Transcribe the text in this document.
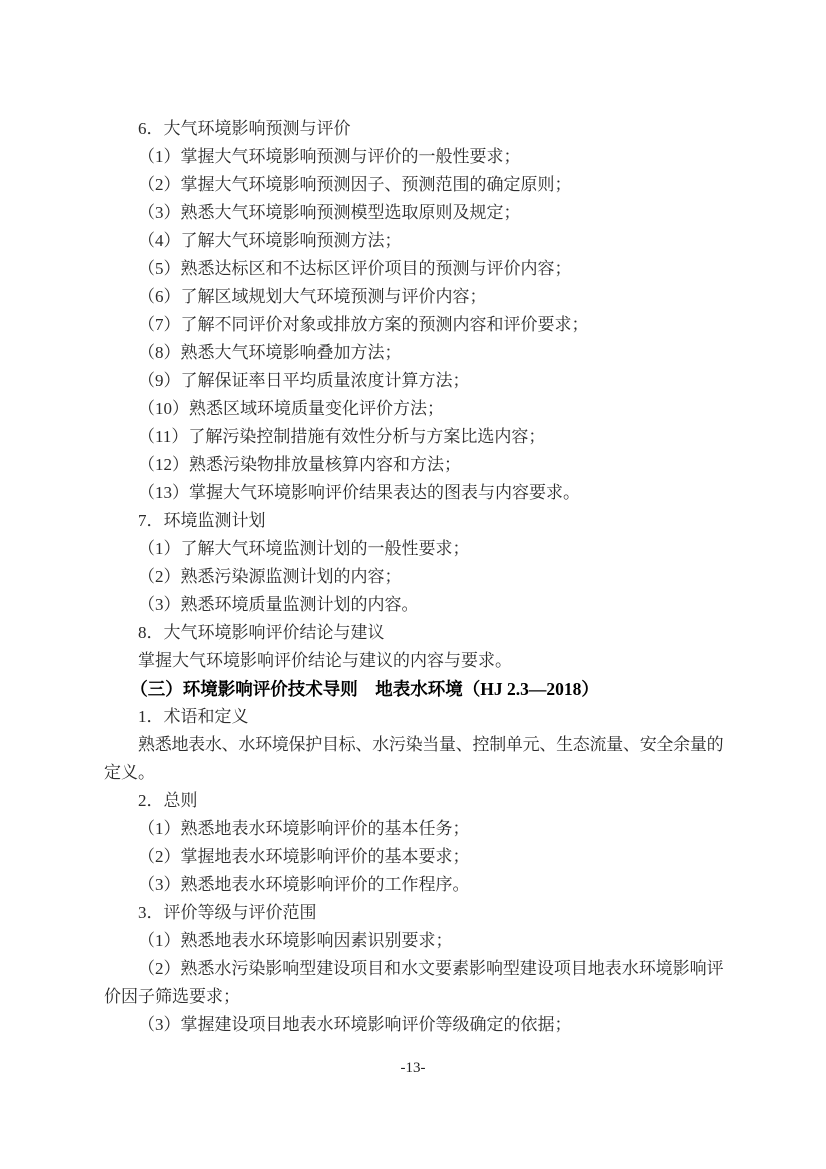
6．大气环境影响预测与评价
（1）掌握大气环境影响预测与评价的一般性要求；
（2）掌握大气环境影响预测因子、预测范围的确定原则；
（3）熟悉大气环境影响预测模型选取原则及规定；
（4）了解大气环境影响预测方法；
（5）熟悉达标区和不达标区评价项目的预测与评价内容；
（6）了解区域规划大气环境预测与评价内容；
（7）了解不同评价对象或排放方案的预测内容和评价要求；
（8）熟悉大气环境影响叠加方法；
（9）了解保证率日平均质量浓度计算方法；
（10）熟悉区域环境质量变化评价方法；
（11）了解污染控制措施有效性分析与方案比选内容；
（12）熟悉污染物排放量核算内容和方法；
（13）掌握大气环境影响评价结果表达的图表与内容要求。
7．环境监测计划
（1）了解大气环境监测计划的一般性要求；
（2）熟悉污染源监测计划的内容；
（3）熟悉环境质量监测计划的内容。
8．大气环境影响评价结论与建议
掌握大气环境影响评价结论与建议的内容与要求。
（三）环境影响评价技术导则　地表水环境（HJ 2.3—2018）
1．术语和定义
熟悉地表水、水环境保护目标、水污染当量、控制单元、生态流量、安全余量的
定义。
2．总则
（1）熟悉地表水环境影响评价的基本任务；
（2）掌握地表水环境影响评价的基本要求；
（3）熟悉地表水环境影响评价的工作程序。
3．评价等级与评价范围
（1）熟悉地表水环境影响因素识别要求；
（2）熟悉水污染影响型建设项目和水文要素影响型建设项目地表水环境影响评
价因子筛选要求；
（3）掌握建设项目地表水环境影响评价等级确定的依据；
-13-
